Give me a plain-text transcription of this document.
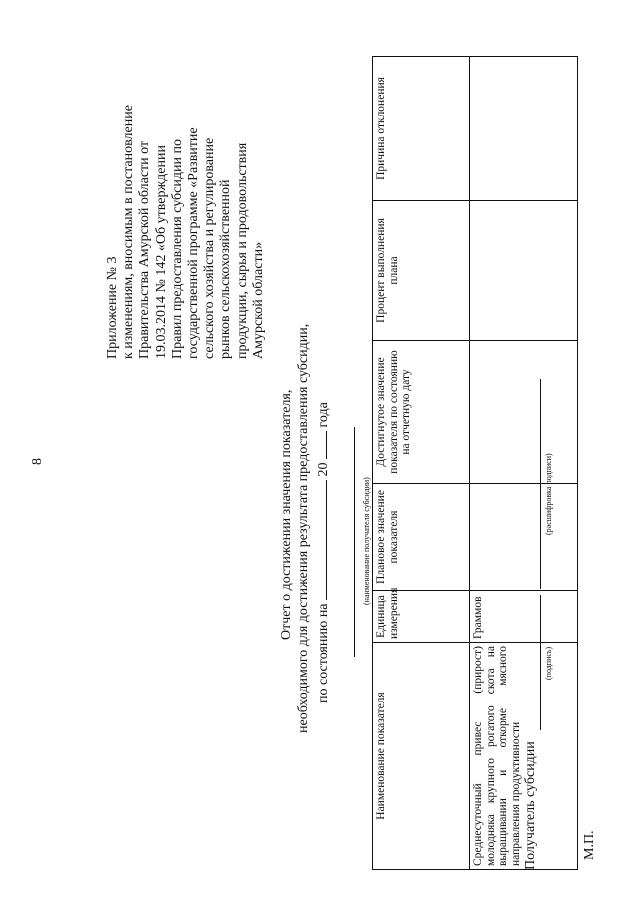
8
Приложение № 3 к изменениям, вносимым в постановление Правительства Амурской области от 19.03.2014 № 142 «Об утверждении Правил предоставления субсидии по государственной программе «Развитие сельского хозяйства и регулирование рынков сельскохозяйственной продукции, сырья и продовольствия Амурской области»
Отчет о достижении значения показателя, необходимого для достижения результата предоставления субсидии, по состоянию на  20  года
(наименование получателя субсидии)
Наименование показателя	Единица измерения	Плановое значение показателя	Достигнутое значение показателя по состоянию на отчетную дату	Процент выполнения плана	Причина отклонения
Среднесуточный привес (прирост) молодняка крупного рогатого скота на выращивании и откорме мясного направления продуктивности	Граммов				
Получатель субсидии
(подпись)
(расшифровка подписи)
М.П.
